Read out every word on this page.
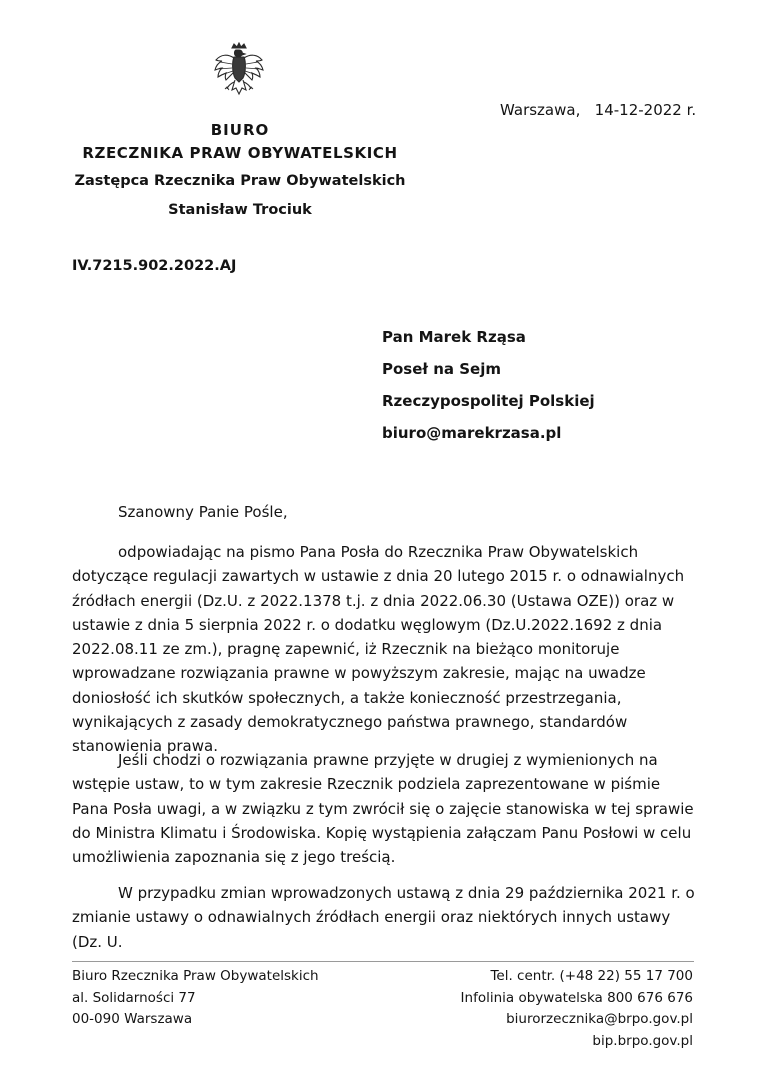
Warszawa, 14-12-2022 r.
BIURO
RZECZNIKA PRAW OBYWATELSKICH
Zastępca Rzecznika Praw Obywatelskich
Stanisław Trociuk
IV.7215.902.2022.AJ
Pan Marek Rząsa
Poseł na Sejm
Rzeczypospolitej Polskiej
biuro@marekrzasa.pl
Szanowny Panie Pośle,

odpowiadając na pismo Pana Posła do Rzecznika Praw Obywatelskich dotyczące regulacji zawartych w ustawie z dnia 20 lutego 2015 r. o odnawialnych źródłach energii (Dz.U. z 2022.1378 t.j. z dnia 2022.06.30 (Ustawa OZE)) oraz w ustawie z dnia 5 sierpnia 2022 r. o dodatku węglowym (Dz.U.2022.1692 z dnia 2022.08.11 ze zm.), pragnę zapewnić, iż Rzecznik na bieżąco monitoruje wprowadzane rozwiązania prawne w powyższym zakresie, mając na uwadze doniosłość ich skutków społecznych, a także konieczność przestrzegania, wynikających z zasady demokratycznego państwa prawnego, standardów stanowienia prawa.

Jeśli chodzi o rozwiązania prawne przyjęte w drugiej z wymienionych na wstępie ustaw, to w tym zakresie Rzecznik podziela zaprezentowane w piśmie Pana Posła uwagi, a w związku z tym zwrócił się o zajęcie stanowiska w tej sprawie do Ministra Klimatu i Środowiska. Kopię wystąpienia załączam Panu Posłowi w celu umożliwienia zapoznania się z jego treścią.

W przypadku zmian wprowadzonych ustawą z dnia 29 października 2021 r. o zmianie ustawy o odnawialnych źródłach energii oraz niektórych innych ustawy (Dz. U.

Biuro Rzecznika Praw Obywatelskich
al. Solidarności 77
00-090 Warszawa
Tel. centr. (+48 22) 55 17 700
Infolinia obywatelska 800 676 676
biurorzecznika@brpo.gov.pl
bip.brpo.gov.pl
